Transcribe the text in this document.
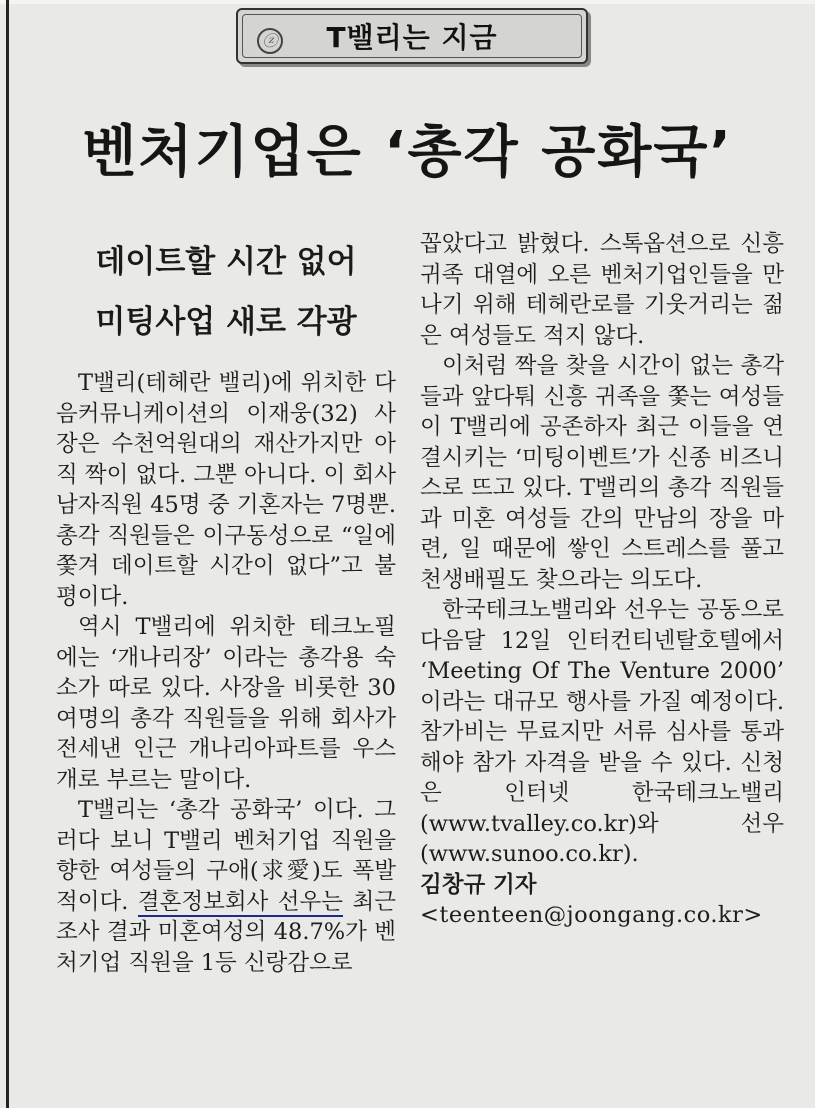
ⓩ T밸리는 지금
벤처기업은 ‘총각 공화국’
데이트할 시간 없어
미팅사업 새로 각광

T밸리(테헤란 밸리)에 위치한 다음커뮤니케이션의 이재웅(32) 사장은 수천억원대의 재산가지만 아직 짝이 없다. 그뿐 아니다. 이 회사 남자직원 45명 중 기혼자는 7명뿐. 총각 직원들은 이구동성으로 “일에 쫓겨 데이트할 시간이 없다”고 불평이다.

역시 T밸리에 위치한 테크노필에는 ‘개나리장’ 이라는 총각용 숙소가 따로 있다. 사장을 비롯한 30여명의 총각 직원들을 위해 회사가 전세낸 인근 개나리아파트를 우스개로 부르는 말이다.

T밸리는 ‘총각 공화국’ 이다. 그러다 보니 T밸리 벤처기업 직원을 향한 여성들의 구애(求愛)도 폭발적이다. 결혼정보회사 선우는 최근 조사 결과 미혼여성의 48.7%가 벤처기업 직원을 1등 신랑감으로

꼽았다고 밝혔다. 스톡옵션으로 신흥 귀족 대열에 오른 벤처기업인들을 만나기 위해 테헤란로를 기웃거리는 젊은 여성들도 적지 않다.

이처럼 짝을 찾을 시간이 없는 총각들과 앞다퉈 신흥 귀족을 쫓는 여성들이 T밸리에 공존하자 최근 이들을 연결시키는 ‘미팅이벤트’가 신종 비즈니스로 뜨고 있다. T밸리의 총각 직원들과 미혼 여성들 간의 만남의 장을 마련, 일 때문에 쌓인 스트레스를 풀고 천생배필도 찾으라는 의도다.

한국테크노밸리와 선우는 공동으로 다음달 12일 인터컨티넨탈호텔에서 ‘Meeting Of The Venture 2000’ 이라는 대규모 행사를 가질 예정이다. 참가비는 무료지만 서류 심사를 통과해야 참가 자격을 받을 수 있다. 신청은 인터넷 한국테크노밸리(www.tvalley.co.kr)와 선우(www.sunoo.co.kr).

김창규 기자

<teenteen@joongang.co.kr>
